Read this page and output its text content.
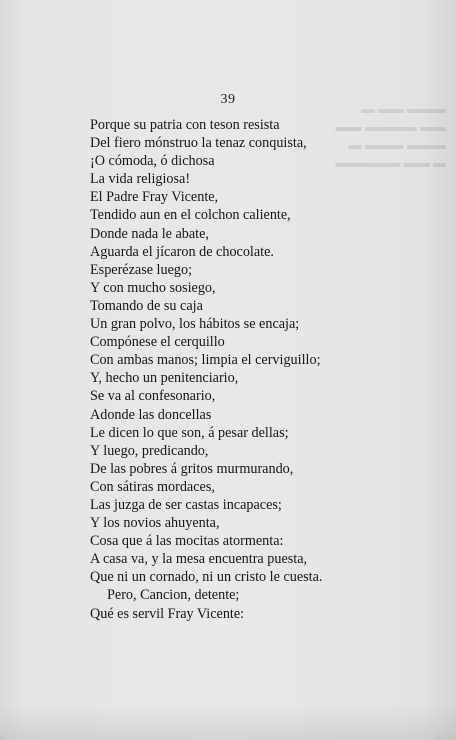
▬▬▬ ▬▬ ▬
▬▬ ▬▬▬▬ ▬▬
▬▬▬ ▬▬▬ ▬
▬ ▬▬ ▬▬▬▬▬
39
Porque su patria con teson resista
Del fiero mónstruo la tenaz conquista,
¡O cómoda, ó dichosa
La vida religiosa!
El Padre Fray Vicente,
Tendido aun en el colchon caliente,
Donde nada le abate,
Aguarda el jícaron de chocolate.
Esperézase luego;
Y con mucho sosiego,
Tomando de su caja
Un gran polvo, los hábitos se encaja;
Compónese el cerquillo
Con ambas manos; limpia el cerviguillo;
Y, hecho un penitenciario,
Se va al confesonario,
Adonde las doncellas
Le dicen lo que son, á pesar dellas;
Y luego, predicando,
De las pobres á gritos murmurando,
Con sátiras mordaces,
Las juzga de ser castas incapaces;
Y los novios ahuyenta,
Cosa que á las mocitas atormenta:
A casa va, y la mesa encuentra puesta,
Que ni un cornado, ni un cristo le cuesta.
Pero, Cancion, detente;
Qué es servil Fray Vicente:
